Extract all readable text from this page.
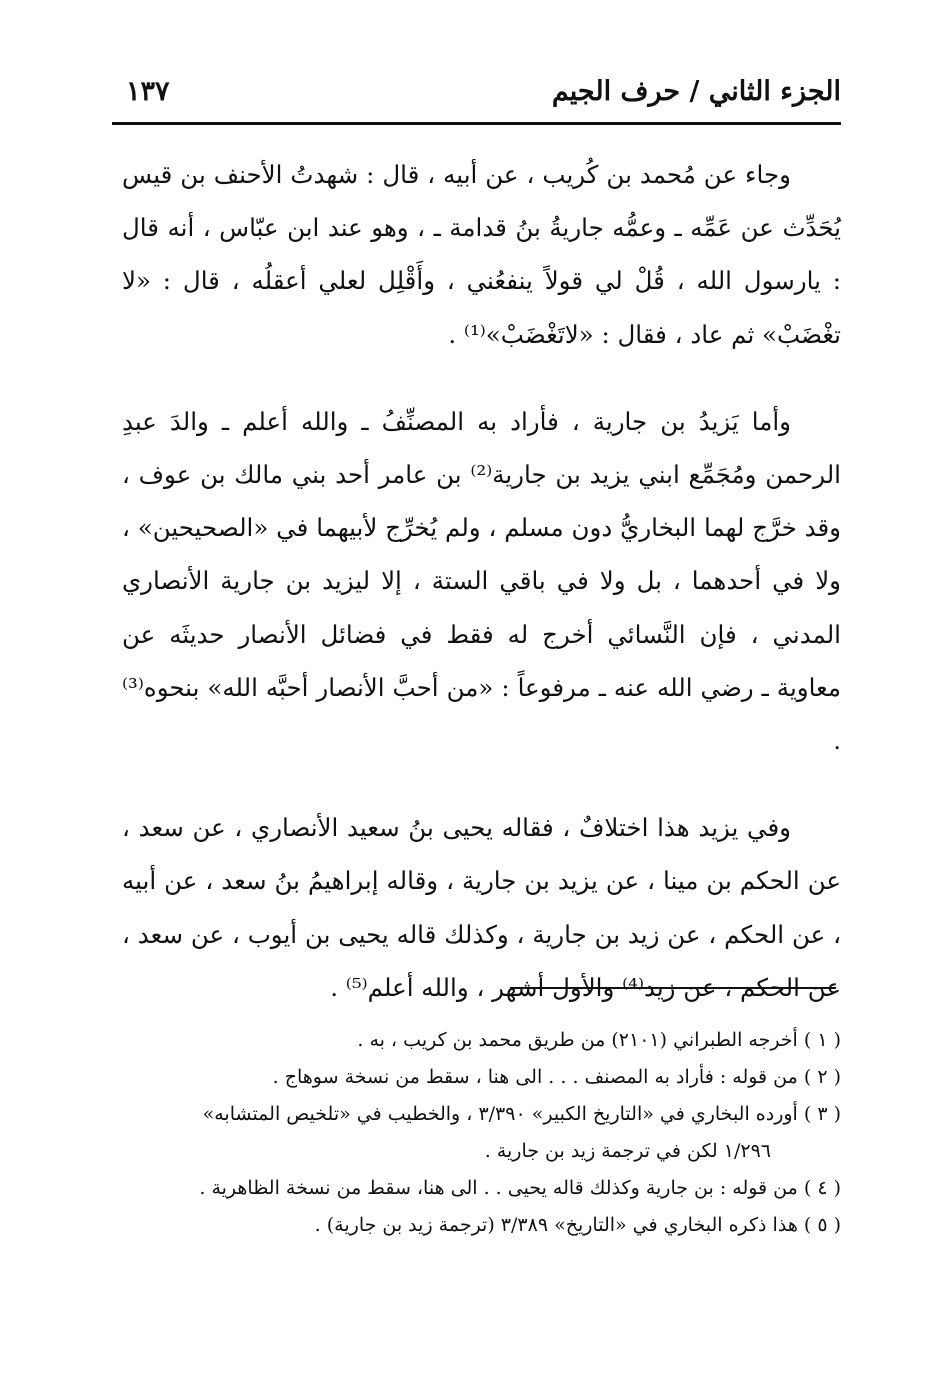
١٣٧	الجزء الثاني / حرف الجيم

وجاء عن مُحمد بن كُريب ، عن أبيه ، قال : شهدتُ الأحنف بن قيس يُحَدِّث عن عَمِّه ـ وعمُّه جاريةُ بنُ قدامة ـ ، وهو عند ابن عبّاس ، أنه قال : يارسول الله ، قُلْ لي قولاً ينفعُني ، وأَقْلِل لعلي أعقلُه ، قال : «لا تغْضَبْ» ثم عاد ، فقال : «لاتَغْضَبْ»⁽¹⁾ .

وأما يَزيدُ بن جارية ، فأراد به المصنِّفُ ـ والله أعلم ـ والدَ عبدِ الرحمن ومُجَمِّع ابني يزيد بن جارية⁽²⁾ بن عامر أحد بني مالك بن عوف ، وقد خرَّج لهما البخاريُّ دون مسلم ، ولم يُخرِّج لأبيهما في «الصحيحين» ، ولا في أحدهما ، بل ولا في باقي الستة ، إلا ليزيد بن جارية الأنصاري المدني ، فإن النَّسائي أخرج له فقط في فضائل الأنصار حديثَه عن معاوية ـ رضي الله عنه ـ مرفوعاً : «من أحبَّ الأنصار أحبَّه الله» بنحوه⁽³⁾ .

وفي يزيد هذا اختلافٌ ، فقاله يحيى بنُ سعيد الأنصاري ، عن سعد ، عن الحكم بن مينا ، عن يزيد بن جارية ، وقاله إبراهيمُ بنُ سعد ، عن أبيه ، عن الحكم ، عن زيد بن جارية ، وكذلك قاله يحيى بن أيوب ، عن سعد ، عن الحكم ، عن زيد⁽⁴⁾ والأول أشهر ، والله أعلم⁽⁵⁾ .

( ١ ) أخرجه الطبراني (٢١٠١) من طريق محمد بن كريب ، به .

( ٢ ) من قوله : فأراد به المصنف . . . الى هنا ، سقط من نسخة سوهاج .

( ٣ ) أورده البخاري في «التاريخ الكبير» ٣/٣٩٠ ، والخطيب في «تلخيص المتشابه»

١/٢٩٦ لكن في ترجمة زيد بن جارية .

( ٤ ) من قوله : بن جارية وكذلك قاله يحيى . . الى هنا، سقط من نسخة الظاهرية .

( ٥ ) هذا ذكره البخاري في «التاريخ» ٣/٣٨٩ (ترجمة زيد بن جارية) .
